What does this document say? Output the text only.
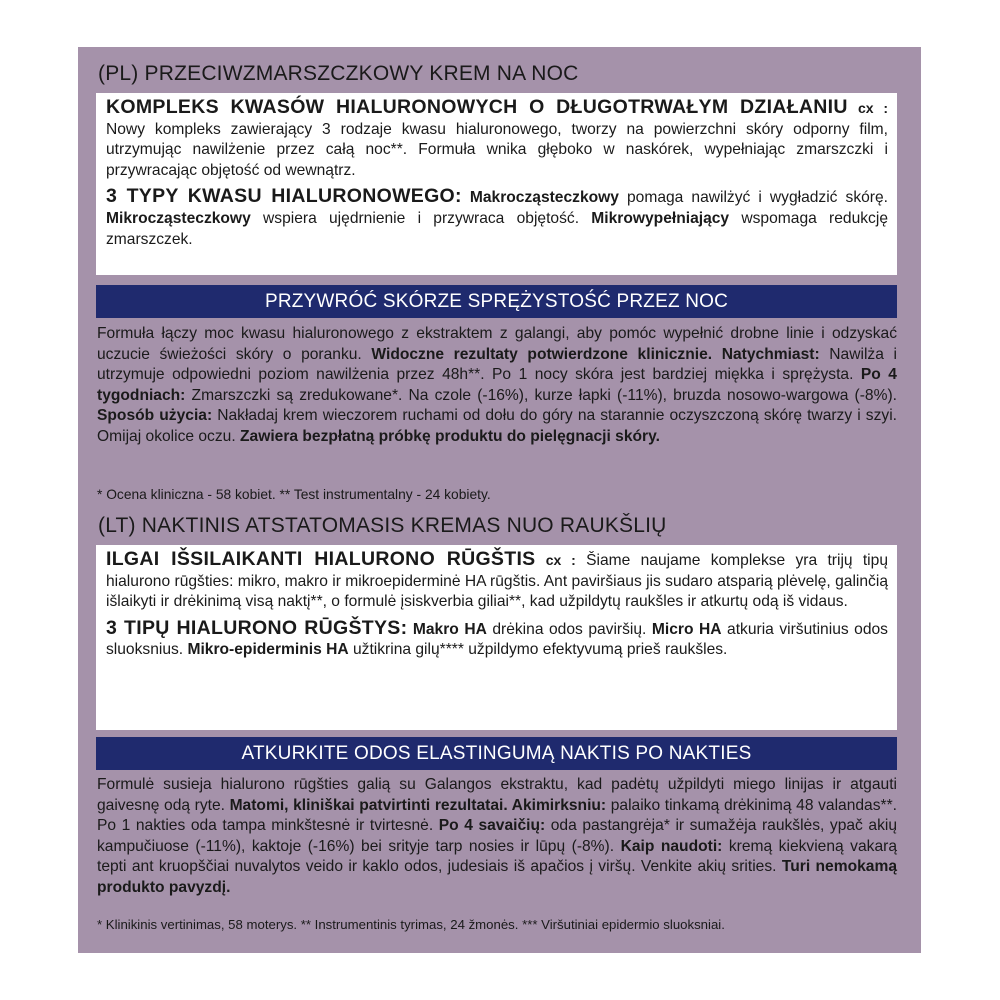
(PL) PRZECIWZMARSZCZKOWY KREM NA NOC

KOMPLEKS KWASÓW HIALURONOWYCH O DŁUGOTRWAŁYM DZIAŁANIU cx : Nowy kompleks zawierający 3 rodzaje kwasu hialuronowego, tworzy na powierzchni skóry odporny film, utrzymując nawilżenie przez całą noc**. Formuła wnika głęboko w naskórek, wypełniając zmarszczki i przywracając objętość od wewnątrz.

3 TYPY KWASU HIALURONOWEGO: Makrocząsteczkowy pomaga nawilżyć i wygładzić skórę. Mikrocząsteczkowy wspiera ujędrnienie i przywraca objętość. Mikrowypełniający wspomaga redukcję zmarszczek.

PRZYWRÓĆ SKÓRZE SPRĘŻYSTOŚĆ PRZEZ NOC
Formuła łączy moc kwasu hialuronowego z ekstraktem z galangi, aby pomóc wypełnić drobne linie i odzyskać uczucie świeżości skóry o poranku. Widoczne rezultaty potwierdzone klinicznie. Natychmiast: Nawilża i utrzymuje odpowiedni poziom nawilżenia przez 48h**. Po 1 nocy skóra jest bardziej miękka i sprężysta. Po 4 tygodniach: Zmarszczki są zredukowane*. Na czole (-16%), kurze łapki (-11%), bruzda nosowo-wargowa (-8%). Sposób użycia: Nakładaj krem wieczorem ruchami od dołu do góry na starannie oczyszczoną skórę twarzy i szyi. Omijaj okolice oczu. Zawiera bezpłatną próbkę produktu do pielęgnacji skóry.
* Ocena kliniczna - 58 kobiet. ** Test instrumentalny - 24 kobiety.
(LT) NAKTINIS ATSTATOMASIS KREMAS NUO RAUKŠLIŲ

ILGAI IŠSILAIKANTI HIALURONO RŪGŠTIS cx : Šiame naujame komplekse yra trijų tipų hialurono rūgšties: mikro, makro ir mikroepiderminė HA rūgštis. Ant paviršiaus jis sudaro atsparią plėvelę, galinčią išlaikyti ir drėkinimą visą naktį**, o formulė įsiskverbia giliai**, kad užpildytų raukšles ir atkurtų odą iš vidaus.

3 TIPŲ HIALURONO RŪGŠTYS: Makro HA drėkina odos paviršių. Micro HA atkuria viršutinius odos sluoksnius. Mikro-epiderminis HA užtikrina gilų**** užpildymo efektyvumą prieš raukšles.

ATKURKITE ODOS ELASTINGUMĄ NAKTIS PO NAKTIES
Formulė susieja hialurono rūgšties galią su Galangos ekstraktu, kad padėtų užpildyti miego linijas ir atgauti gaivesnę odą ryte. Matomi, kliniškai patvirtinti rezultatai. Akimirksniu: palaiko tinkamą drėkinimą 48 valandas**. Po 1 nakties oda tampa minkštesnė ir tvirtesnė. Po 4 savaičių: oda pastangrėja* ir sumažėja raukšlės, ypač akių kampučiuose (-11%), kaktoje (-16%) bei srityje tarp nosies ir lūpų (-8%). Kaip naudoti: kremą kiekvieną vakarą tepti ant kruopščiai nuvalytos veido ir kaklo odos, judesiais iš apačios į viršų. Venkite akių srities. Turi nemokamą produkto pavyzdį.
* Klinikinis vertinimas, 58 moterys. ** Instrumentinis tyrimas, 24 žmonės. *** Viršutiniai epidermio sluoksniai.
